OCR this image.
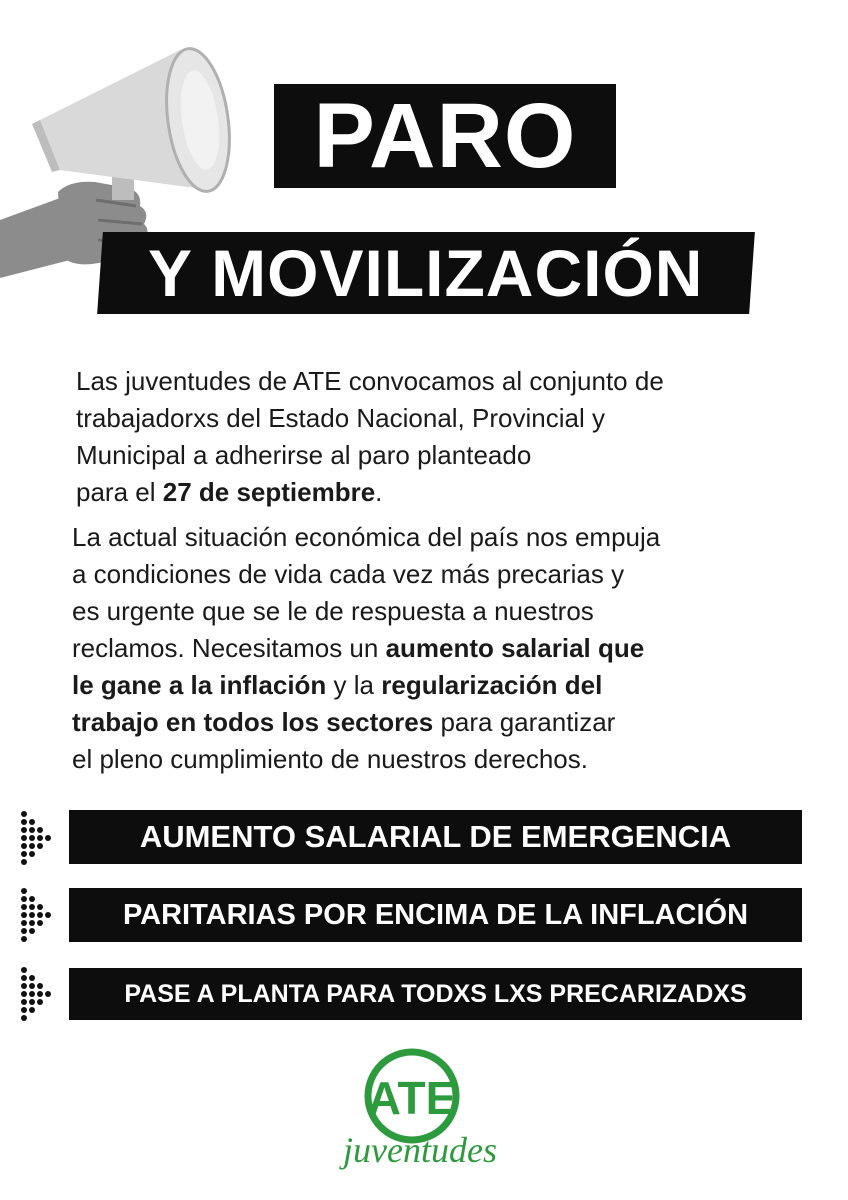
PARO
Y MOVILIZACIÓN
Las juventudes de ATE convocamos al conjunto de
trabajadorxs del Estado Nacional, Provincial y
Municipal a adherirse al paro planteado
para el 27 de septiembre.
La actual situación económica del país nos empuja
a condiciones de vida cada vez más precarias y
es urgente que se le de respuesta a nuestros
reclamos. Necesitamos un aumento salarial que
le gane a la inflación y la regularización del
trabajo en todos los sectores para garantizar
el pleno cumplimiento de nuestros derechos.
AUMENTO SALARIAL DE EMERGENCIA
PARITARIAS POR ENCIMA DE LA INFLACIÓN
PASE A PLANTA PARA TODXS LXS PRECARIZADXS
ATE
juventudes
